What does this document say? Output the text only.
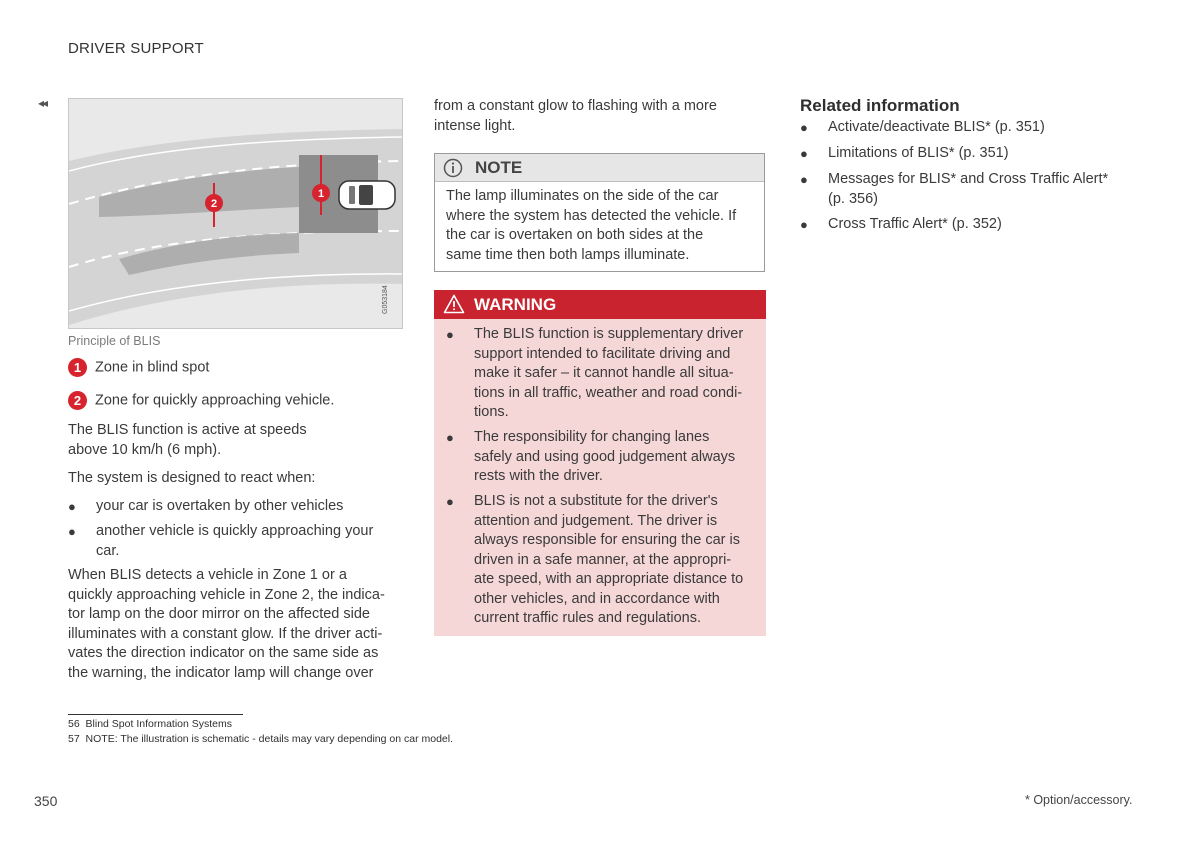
DRIVER SUPPORT
◂◂
1
2
G053184
Principle of BLIS
1 Zone in blind spot
2 Zone for quickly approaching vehicle.
The BLIS function is active at speeds
above 10 km/h (6 mph).
The system is designed to react when:
● your car is overtaken by other vehicles
● another vehicle is quickly approaching your
car.
When BLIS detects a vehicle in Zone 1 or a
quickly approaching vehicle in Zone 2, the indica-
tor lamp on the door mirror on the affected side
illuminates with a constant glow. If the driver acti-
vates the direction indicator on the same side as
the warning, the indicator lamp will change over
from a constant glow to flashing with a more
intense light.
NOTE
The lamp illuminates on the side of the car
where the system has detected the vehicle. If
the car is overtaken on both sides at the
same time then both lamps illuminate.
WARNING
● The BLIS function is supplementary driver
support intended to facilitate driving and
make it safer – it cannot handle all situa-
tions in all traffic, weather and road condi-
tions.
● The responsibility for changing lanes
safely and using good judgement always
rests with the driver.
● BLIS is not a substitute for the driver's
attention and judgement. The driver is
always responsible for ensuring the car is
driven in a safe manner, at the appropri-
ate speed, with an appropriate distance to
other vehicles, and in accordance with
current traffic rules and regulations.
Related information
● Activate/deactivate BLIS* (p. 351)
● Limitations of BLIS* (p. 351)
● Messages for BLIS* and Cross Traffic Alert*
(p. 356)
● Cross Traffic Alert* (p. 352)
56 Blind Spot Information Systems
57 NOTE: The illustration is schematic - details may vary depending on car model.
350	* Option/accessory.
